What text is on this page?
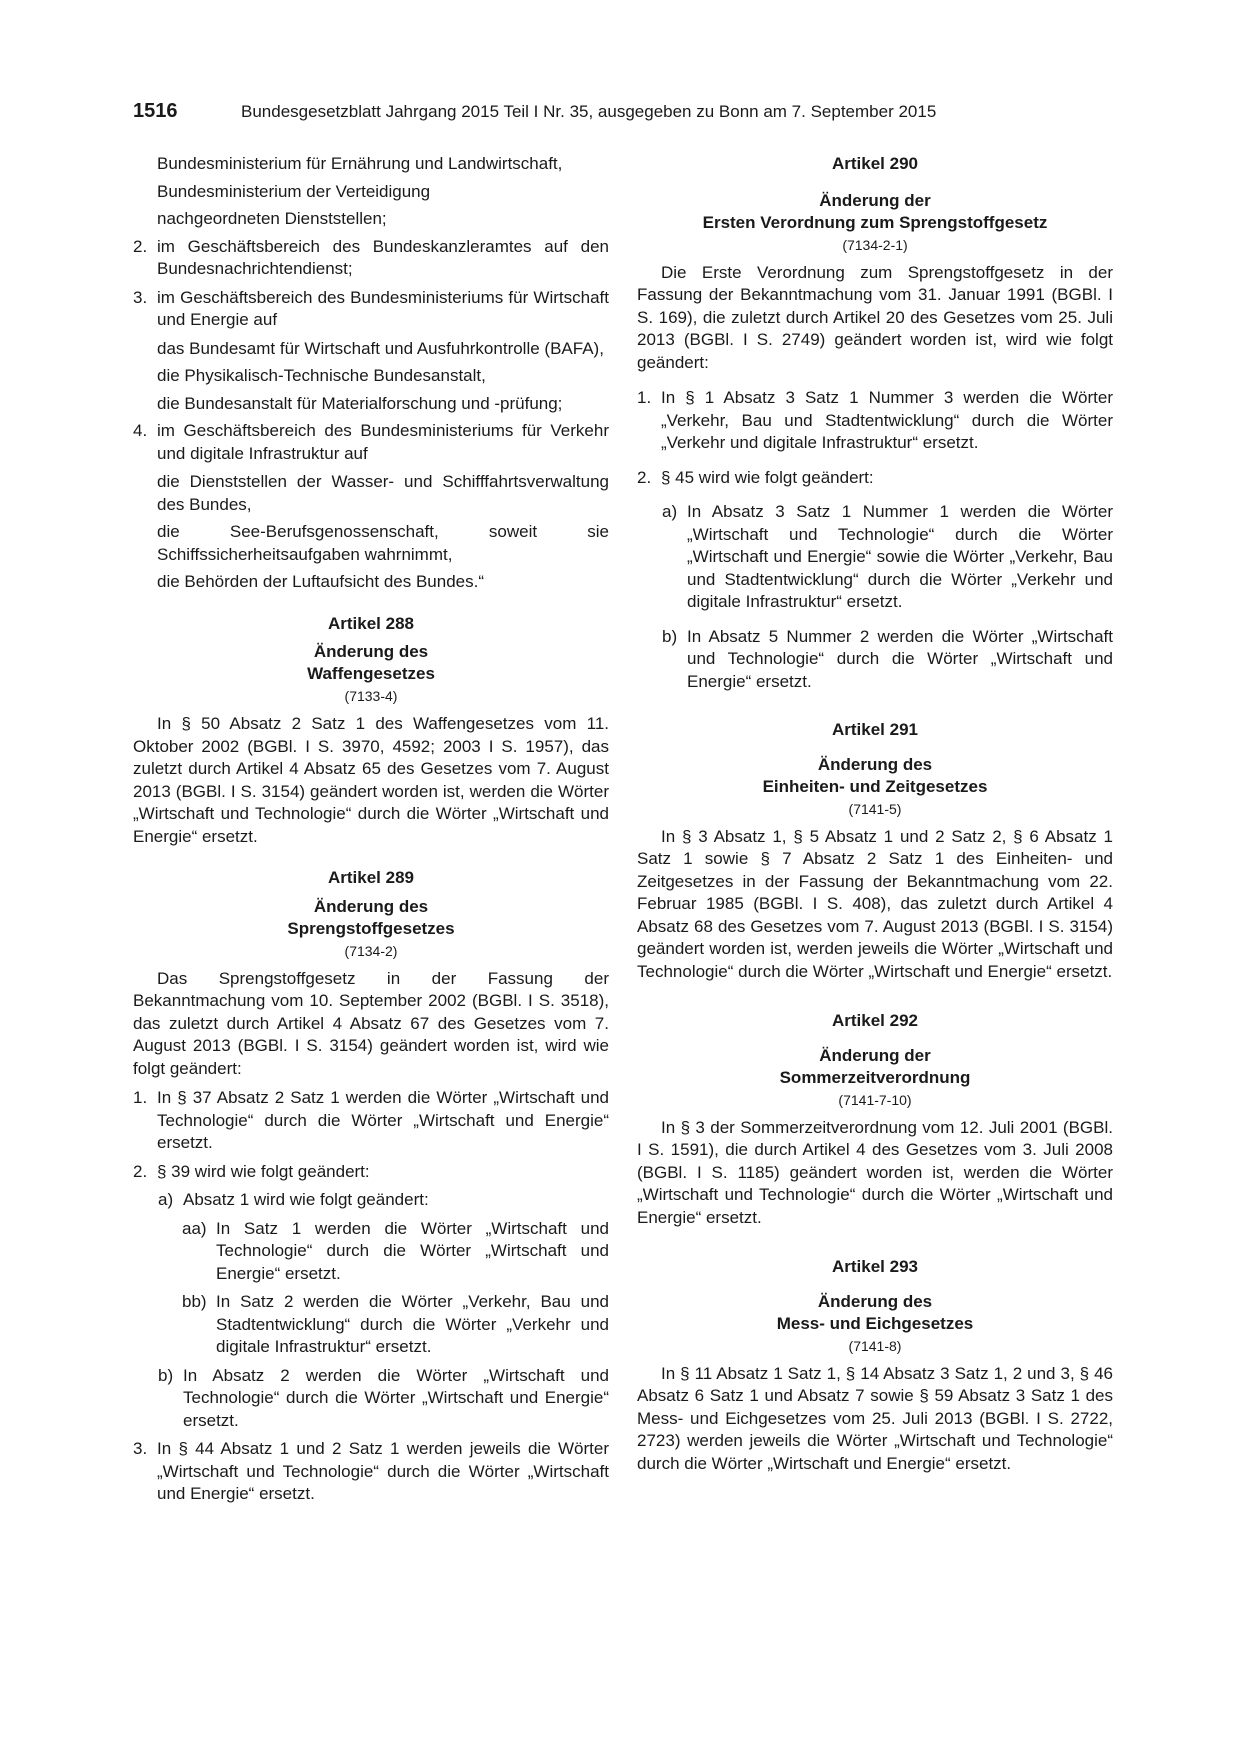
1516	Bundesgesetzblatt Jahrgang 2015 Teil I Nr. 35, ausgegeben zu Bonn am 7. September 2015
Bundesministerium für Ernährung und Landwirtschaft,
Bundesministerium der Verteidigung
nachgeordneten Dienststellen;
2. im Geschäftsbereich des Bundeskanzleramtes auf den Bundesnachrichtendienst;
3. im Geschäftsbereich des Bundesministeriums für Wirtschaft und Energie auf
das Bundesamt für Wirtschaft und Ausfuhrkontrolle (BAFA),
die Physikalisch-Technische Bundesanstalt,
die Bundesanstalt für Materialforschung und -prüfung;
4. im Geschäftsbereich des Bundesministeriums für Verkehr und digitale Infrastruktur auf
die Dienststellen der Wasser- und Schifffahrtsverwaltung des Bundes,
die See-Berufsgenossenschaft, soweit sie Schiffssicherheitsaufgaben wahrnimmt,
die Behörden der Luftaufsicht des Bundes.“
Artikel 288
Änderung des
Waffengesetzes
(7133-4)
In § 50 Absatz 2 Satz 1 des Waffengesetzes vom 11. Oktober 2002 (BGBl. I S. 3970, 4592; 2003 I S. 1957), das zuletzt durch Artikel 4 Absatz 65 des Gesetzes vom 7. August 2013 (BGBl. I S. 3154) geändert worden ist, werden die Wörter „Wirtschaft und Technologie“ durch die Wörter „Wirtschaft und Energie“ ersetzt.
Artikel 289
Änderung des
Sprengstoffgesetzes
(7134-2)
Das Sprengstoffgesetz in der Fassung der Bekanntmachung vom 10. September 2002 (BGBl. I S. 3518), das zuletzt durch Artikel 4 Absatz 67 des Gesetzes vom 7. August 2013 (BGBl. I S. 3154) geändert worden ist, wird wie folgt geändert:
1. In § 37 Absatz 2 Satz 1 werden die Wörter „Wirtschaft und Technologie“ durch die Wörter „Wirtschaft und Energie“ ersetzt.
2. § 39 wird wie folgt geändert:
a) Absatz 1 wird wie folgt geändert:
aa) In Satz 1 werden die Wörter „Wirtschaft und Technologie“ durch die Wörter „Wirtschaft und Energie“ ersetzt.
bb) In Satz 2 werden die Wörter „Verkehr, Bau und Stadtentwicklung“ durch die Wörter „Verkehr und digitale Infrastruktur“ ersetzt.
b) In Absatz 2 werden die Wörter „Wirtschaft und Technologie“ durch die Wörter „Wirtschaft und Energie“ ersetzt.
3. In § 44 Absatz 1 und 2 Satz 1 werden jeweils die Wörter „Wirtschaft und Technologie“ durch die Wörter „Wirtschaft und Energie“ ersetzt.
Artikel 290
Änderung der
Ersten Verordnung zum Sprengstoffgesetz
(7134-2-1)
Die Erste Verordnung zum Sprengstoffgesetz in der Fassung der Bekanntmachung vom 31. Januar 1991 (BGBl. I S. 169), die zuletzt durch Artikel 20 des Gesetzes vom 25. Juli 2013 (BGBl. I S. 2749) geändert worden ist, wird wie folgt geändert:
1. In § 1 Absatz 3 Satz 1 Nummer 3 werden die Wörter „Verkehr, Bau und Stadtentwicklung“ durch die Wörter „Verkehr und digitale Infrastruktur“ ersetzt.
2. § 45 wird wie folgt geändert:
a) In Absatz 3 Satz 1 Nummer 1 werden die Wörter „Wirtschaft und Technologie“ durch die Wörter „Wirtschaft und Energie“ sowie die Wörter „Verkehr, Bau und Stadtentwicklung“ durch die Wörter „Verkehr und digitale Infrastruktur“ ersetzt.
b) In Absatz 5 Nummer 2 werden die Wörter „Wirtschaft und Technologie“ durch die Wörter „Wirtschaft und Energie“ ersetzt.
Artikel 291
Änderung des
Einheiten- und Zeitgesetzes
(7141-5)
In § 3 Absatz 1, § 5 Absatz 1 und 2 Satz 2, § 6 Absatz 1 Satz 1 sowie § 7 Absatz 2 Satz 1 des Einheiten- und Zeitgesetzes in der Fassung der Bekanntmachung vom 22. Februar 1985 (BGBl. I S. 408), das zuletzt durch Artikel 4 Absatz 68 des Gesetzes vom 7. August 2013 (BGBl. I S. 3154) geändert worden ist, werden jeweils die Wörter „Wirtschaft und Technologie“ durch die Wörter „Wirtschaft und Energie“ ersetzt.
Artikel 292
Änderung der
Sommerzeitverordnung
(7141-7-10)
In § 3 der Sommerzeitverordnung vom 12. Juli 2001 (BGBl. I S. 1591), die durch Artikel 4 des Gesetzes vom 3. Juli 2008 (BGBl. I S. 1185) geändert worden ist, werden die Wörter „Wirtschaft und Technologie“ durch die Wörter „Wirtschaft und Energie“ ersetzt.
Artikel 293
Änderung des
Mess- und Eichgesetzes
(7141-8)
In § 11 Absatz 1 Satz 1, § 14 Absatz 3 Satz 1, 2 und 3, § 46 Absatz 6 Satz 1 und Absatz 7 sowie § 59 Absatz 3 Satz 1 des Mess- und Eichgesetzes vom 25. Juli 2013 (BGBl. I S. 2722, 2723) werden jeweils die Wörter „Wirtschaft und Technologie“ durch die Wörter „Wirtschaft und Energie“ ersetzt.
